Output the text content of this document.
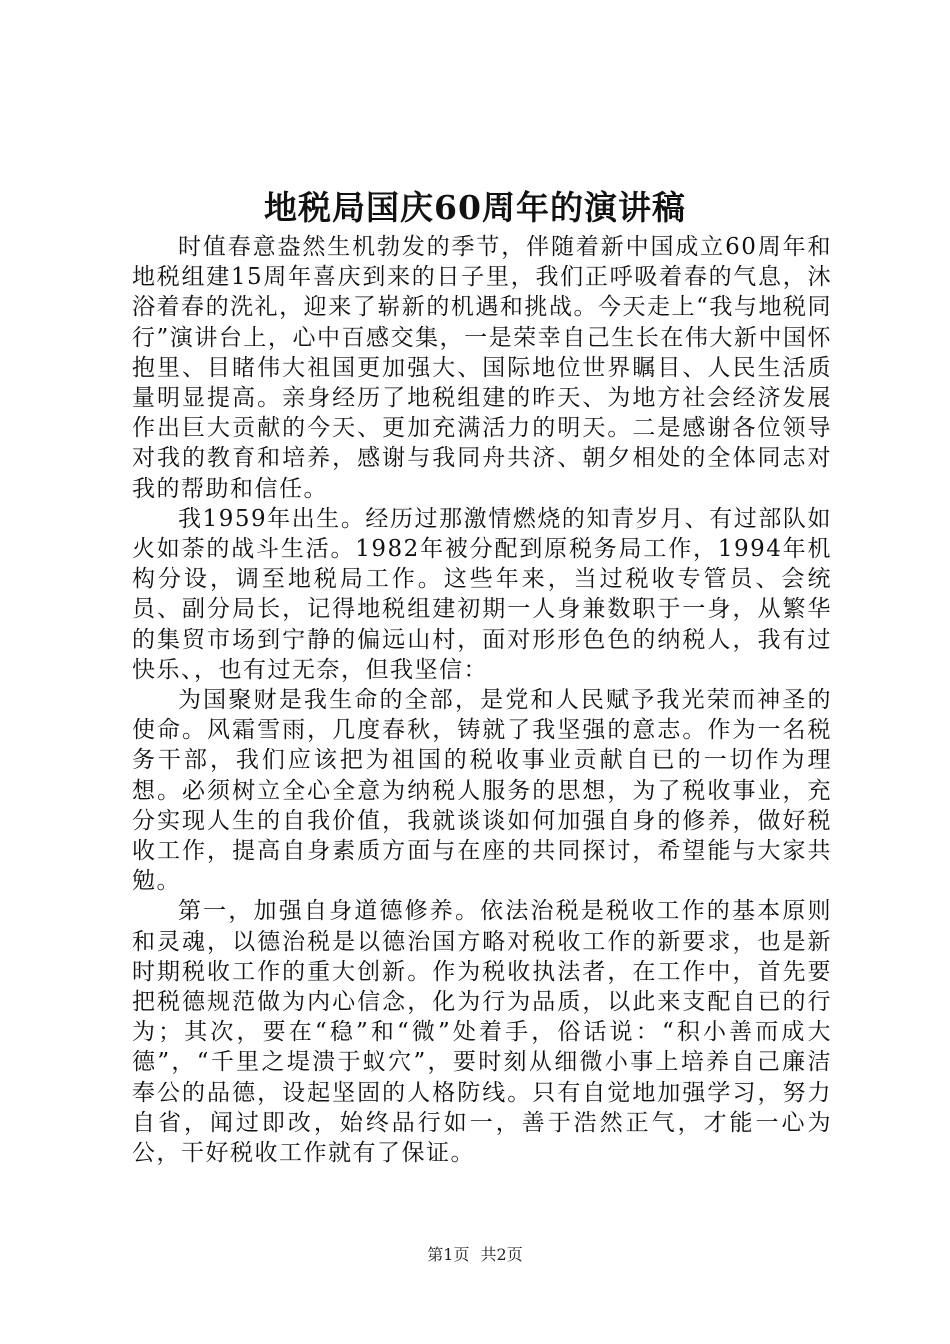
地税局国庆60周年的演讲稿

时值春意盎然生机勃发的季节，伴随着新中国成立60周年和地税组建15周年喜庆到来的日子里，我们正呼吸着春的气息，沐浴着春的洗礼，迎来了崭新的机遇和挑战。今天走上“我与地税同行”演讲台上，心中百感交集，一是荣幸自己生长在伟大新中国怀抱里、目睹伟大祖国更加强大、国际地位世界瞩目、人民生活质量明显提高。亲身经历了地税组建的昨天、为地方社会经济发展作出巨大贡献的今天、更加充满活力的明天。二是感谢各位领导对我的教育和培养，感谢与我同舟共济、朝夕相处的全体同志对我的帮助和信任。

我1959年出生。经历过那激情燃烧的知青岁月、有过部队如火如荼的战斗生活。1982年被分配到原税务局工作，1994年机构分设，调至地税局工作。这些年来，当过税收专管员、会统员、副分局长，记得地税组建初期一人身兼数职于一身，从繁华的集贸市场到宁静的偏远山村，面对形形色色的纳税人，我有过快乐、，也有过无奈，但我坚信：

为国聚财是我生命的全部，是党和人民赋予我光荣而神圣的使命。风霜雪雨，几度春秋，铸就了我坚强的意志。作为一名税务干部，我们应该把为祖国的税收事业贡献自已的一切作为理想。必须树立全心全意为纳税人服务的思想，为了税收事业，充分实现人生的自我价值，我就谈谈如何加强自身的修养，做好税收工作，提高自身素质方面与在座的共同探讨，希望能与大家共勉。

第一，加强自身道德修养。依法治税是税收工作的基本原则和灵魂，以德治税是以德治国方略对税收工作的新要求，也是新时期税收工作的重大创新。作为税收执法者，在工作中，首先要把税德规范做为内心信念，化为行为品质，以此来支配自已的行为；其次，要在“稳”和“微”处着手，俗话说：“积小善而成大德”，“千里之堤溃于蚁穴”，要时刻从细微小事上培养自己廉洁奉公的品德，设起坚固的人格防线。只有自觉地加强学习，努力自省，闻过即改，始终品行如一，善于浩然正气，才能一心为公，干好税收工作就有了保证。

第1页 共2页
